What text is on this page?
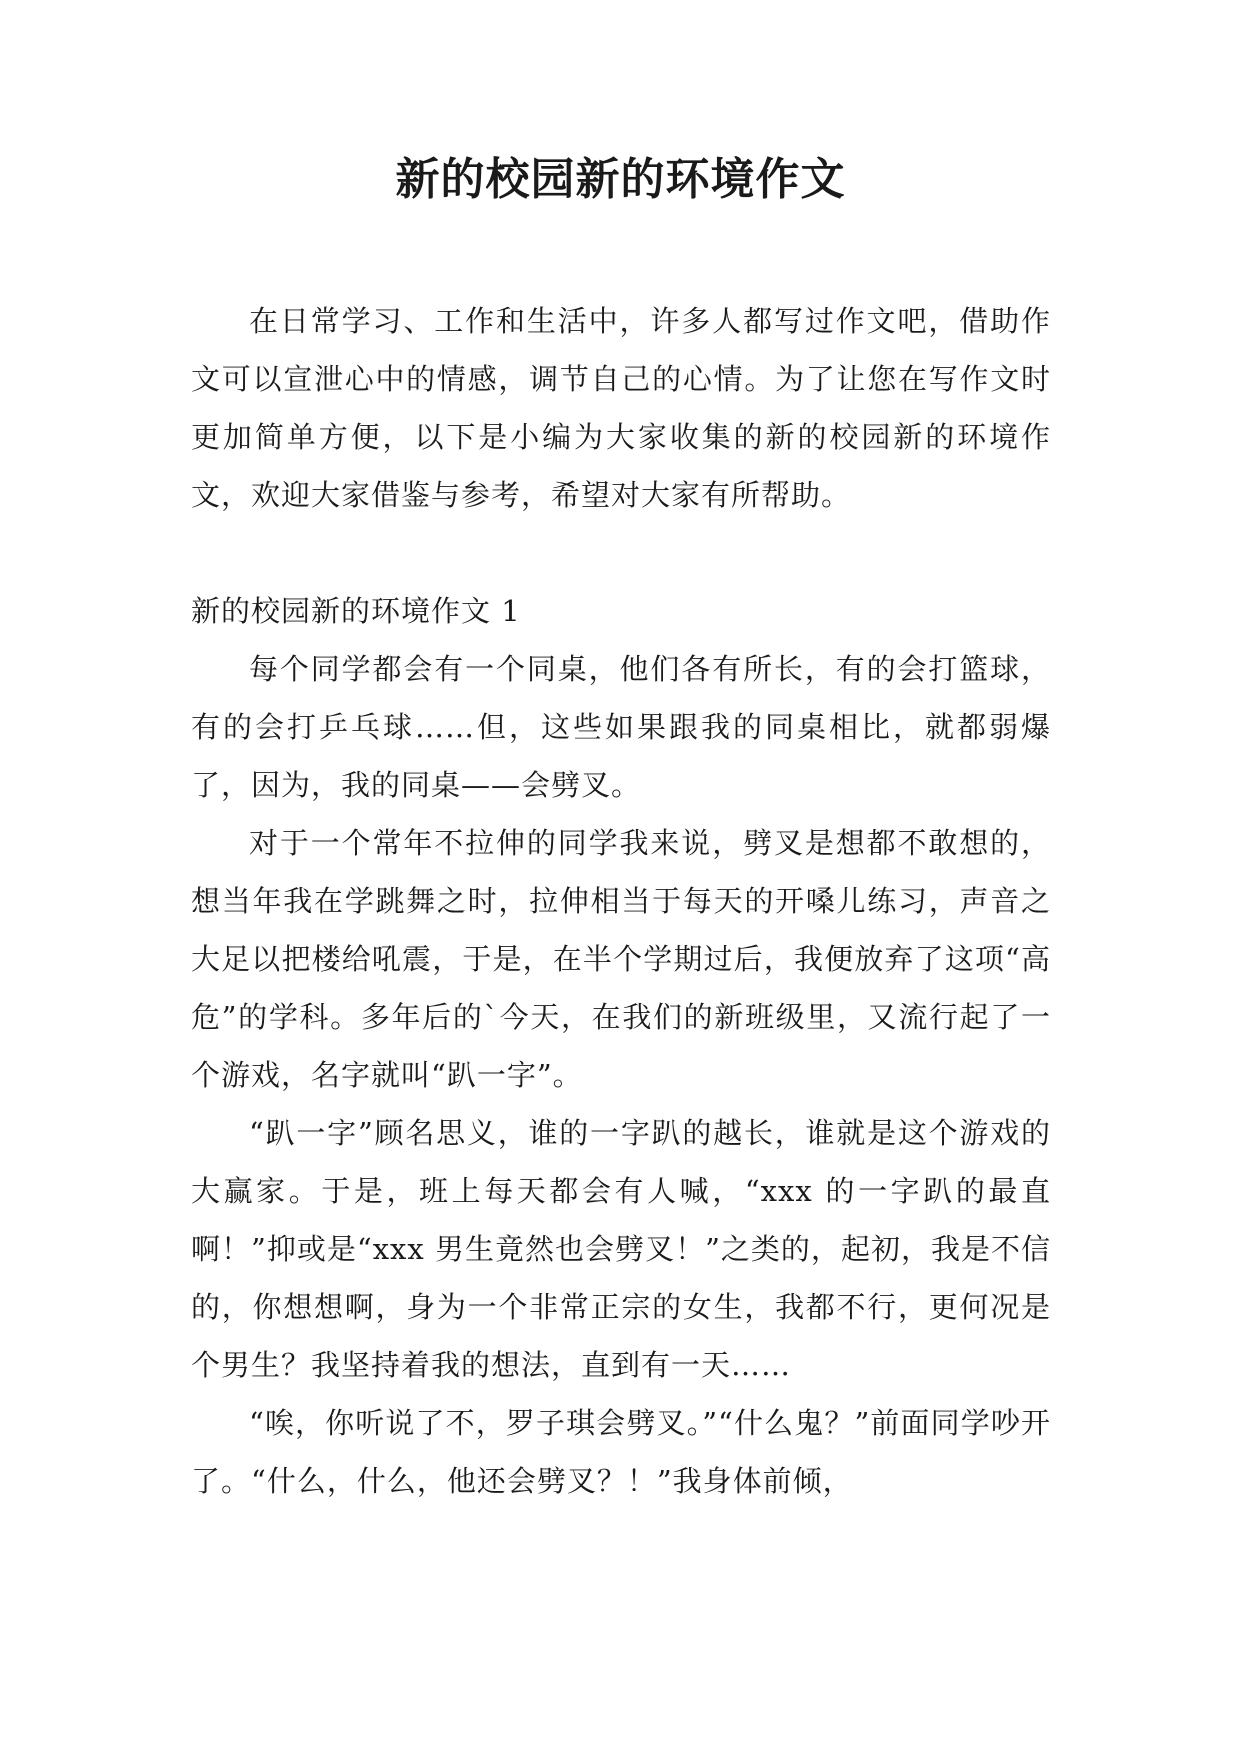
新的校园新的环境作文

在日常学习、工作和生活中，许多人都写过作文吧，借助作文可以宣泄心中的情感，调节自己的心情。为了让您在写作文时更加简单方便，以下是小编为大家收集的新的校园新的环境作文，欢迎大家借鉴与参考，希望对大家有所帮助。

新的校园新的环境作文 1

每个同学都会有一个同桌，他们各有所长，有的会打篮球，有的会打乒乓球……但，这些如果跟我的同桌相比，就都弱爆了，因为，我的同桌——会劈叉。

对于一个常年不拉伸的同学我来说，劈叉是想都不敢想的，想当年我在学跳舞之时，拉伸相当于每天的开嗓儿练习，声音之大足以把楼给吼震，于是，在半个学期过后，我便放弃了这项“高危”的学科。多年后的`今天，在我们的新班级里，又流行起了一个游戏，名字就叫“趴一字”。

“趴一字”顾名思义，谁的一字趴的越长，谁就是这个游戏的大赢家。于是，班上每天都会有人喊，“xxx 的一字趴的最直啊！”抑或是“xxx 男生竟然也会劈叉！”之类的，起初，我是不信的，你想想啊，身为一个非常正宗的女生，我都不行，更何况是个男生？我坚持着我的想法，直到有一天……

“唉，你听说了不，罗子琪会劈叉。”“什么鬼？”前面同学吵开了。“什么，什么，他还会劈叉？！”我身体前倾，
